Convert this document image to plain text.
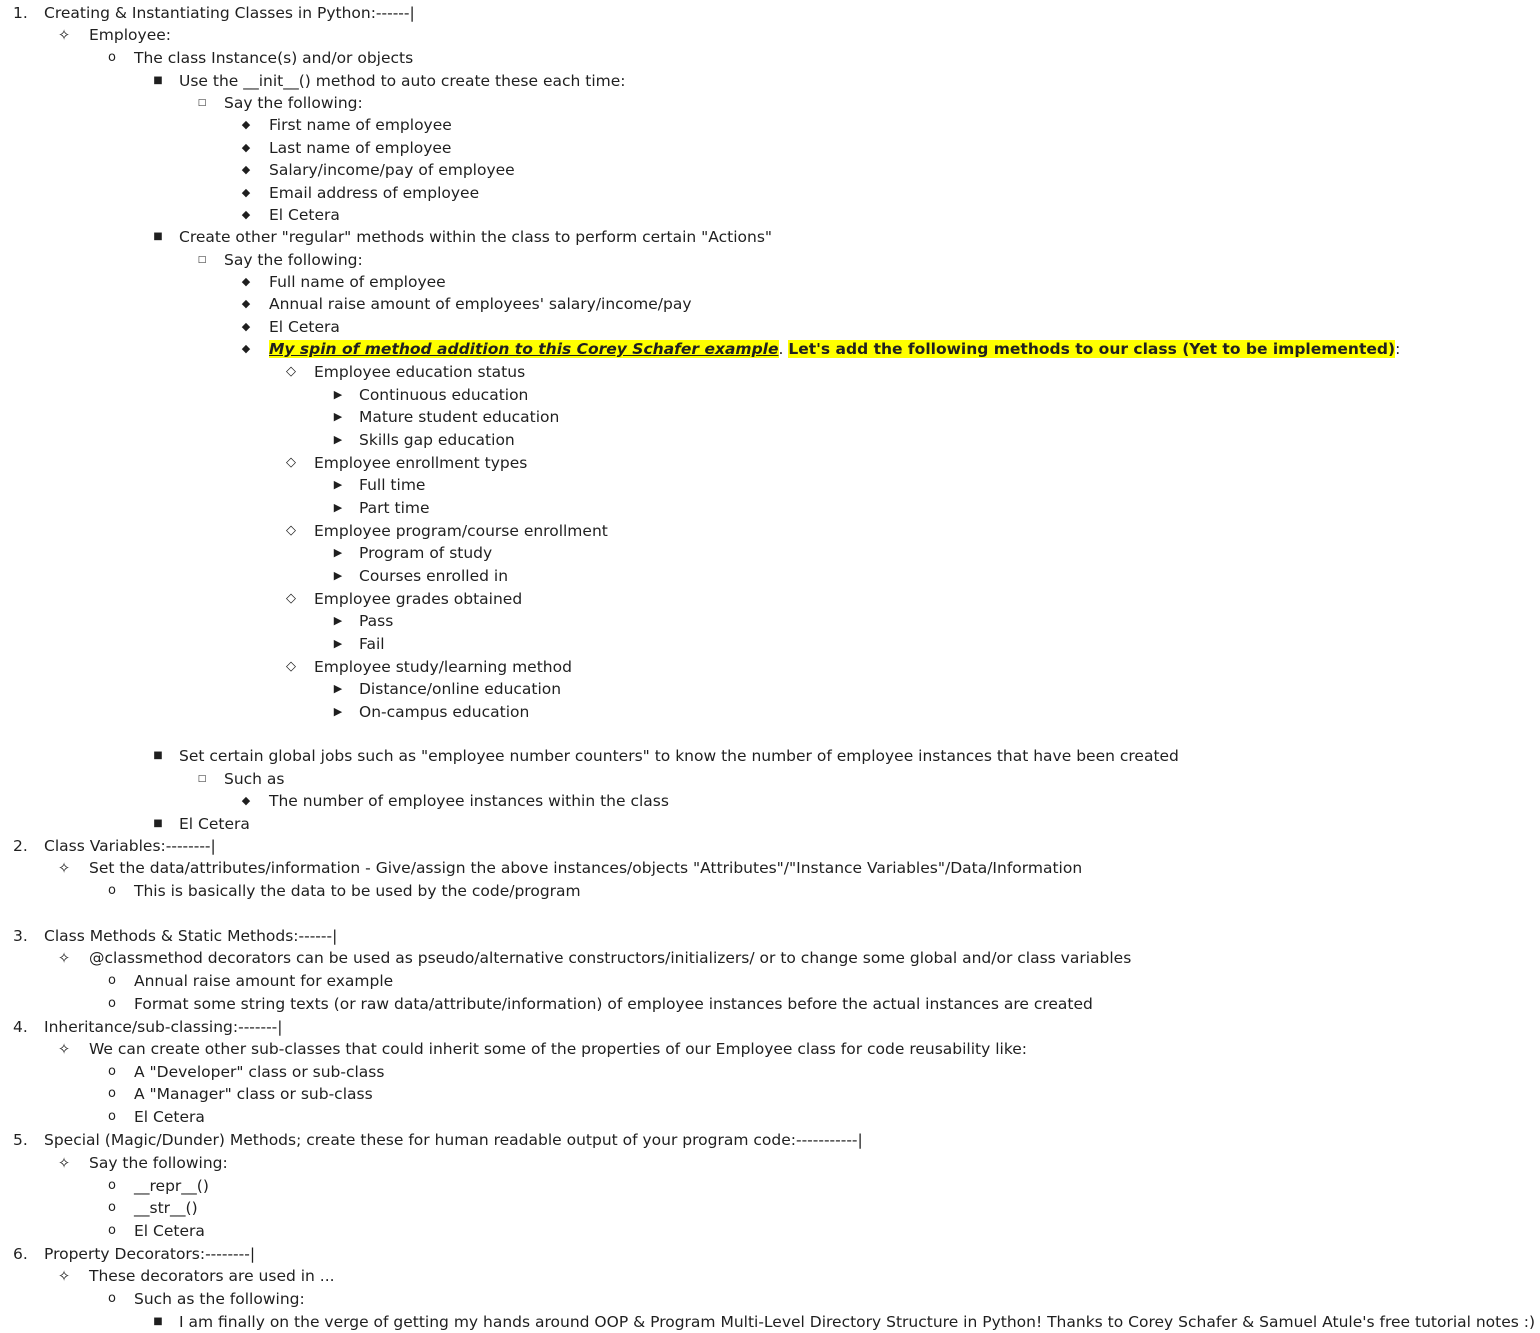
1.	Creating & Instantiating Classes in Python:------|
✧ Employee:
o The class Instance(s) and/or objects
■ Use the __init__() method to auto create these each time:
□ Say the following:
◆ First name of employee
◆ Last name of employee
◆ Salary/income/pay of employee
◆ Email address of employee
◆ El Cetera
■ Create other "regular" methods within the class to perform certain "Actions"
□ Say the following:
◆ Full name of employee
◆ Annual raise amount of employees' salary/income/pay
◆ El Cetera
◆ My spin of method addition to this Corey Schafer example. Let's add the following methods to our class (Yet to be implemented):
◇ Employee education status
▶ Continuous education
▶ Mature student education
▶ Skills gap education
◇ Employee enrollment types
▶ Full time
▶ Part time
◇ Employee program/course enrollment
▶ Program of study
▶ Courses enrolled in
◇ Employee grades obtained
▶ Pass
▶ Fail
◇ Employee study/learning method
▶ Distance/online education
▶ On-campus education
■ Set certain global jobs such as "employee number counters" to know the number of employee instances that have been created
□ Such as
◆ The number of employee instances within the class
■ El Cetera
2.	Class Variables:--------|
✧ Set the data/attributes/information - Give/assign the above instances/objects "Attributes"/"Instance Variables"/Data/Information
o This is basically the data to be used by the code/program
3.	Class Methods & Static Methods:------|
✧ @classmethod decorators can be used as pseudo/alternative constructors/initializers/ or to change some global and/or class variables
o Annual raise amount for example
o Format some string texts (or raw data/attribute/information) of employee instances before the actual instances are created
4.	Inheritance/sub-classing:-------|
✧ We can create other sub-classes that could inherit some of the properties of our Employee class for code reusability like:
o A "Developer" class or sub-class
o A "Manager" class or sub-class
o El Cetera
5.	Special (Magic/Dunder) Methods; create these for human readable output of your program code:-----------|
✧ Say the following:
o __repr__()
o __str__()
o El Cetera
6.	Property Decorators:--------|
✧ These decorators are used in ...
o Such as the following:
■ I am finally on the verge of getting my hands around OOP & Program Multi-Level Directory Structure in Python! Thanks to Corey Schafer & Samuel Atule's free tutorial notes :)
